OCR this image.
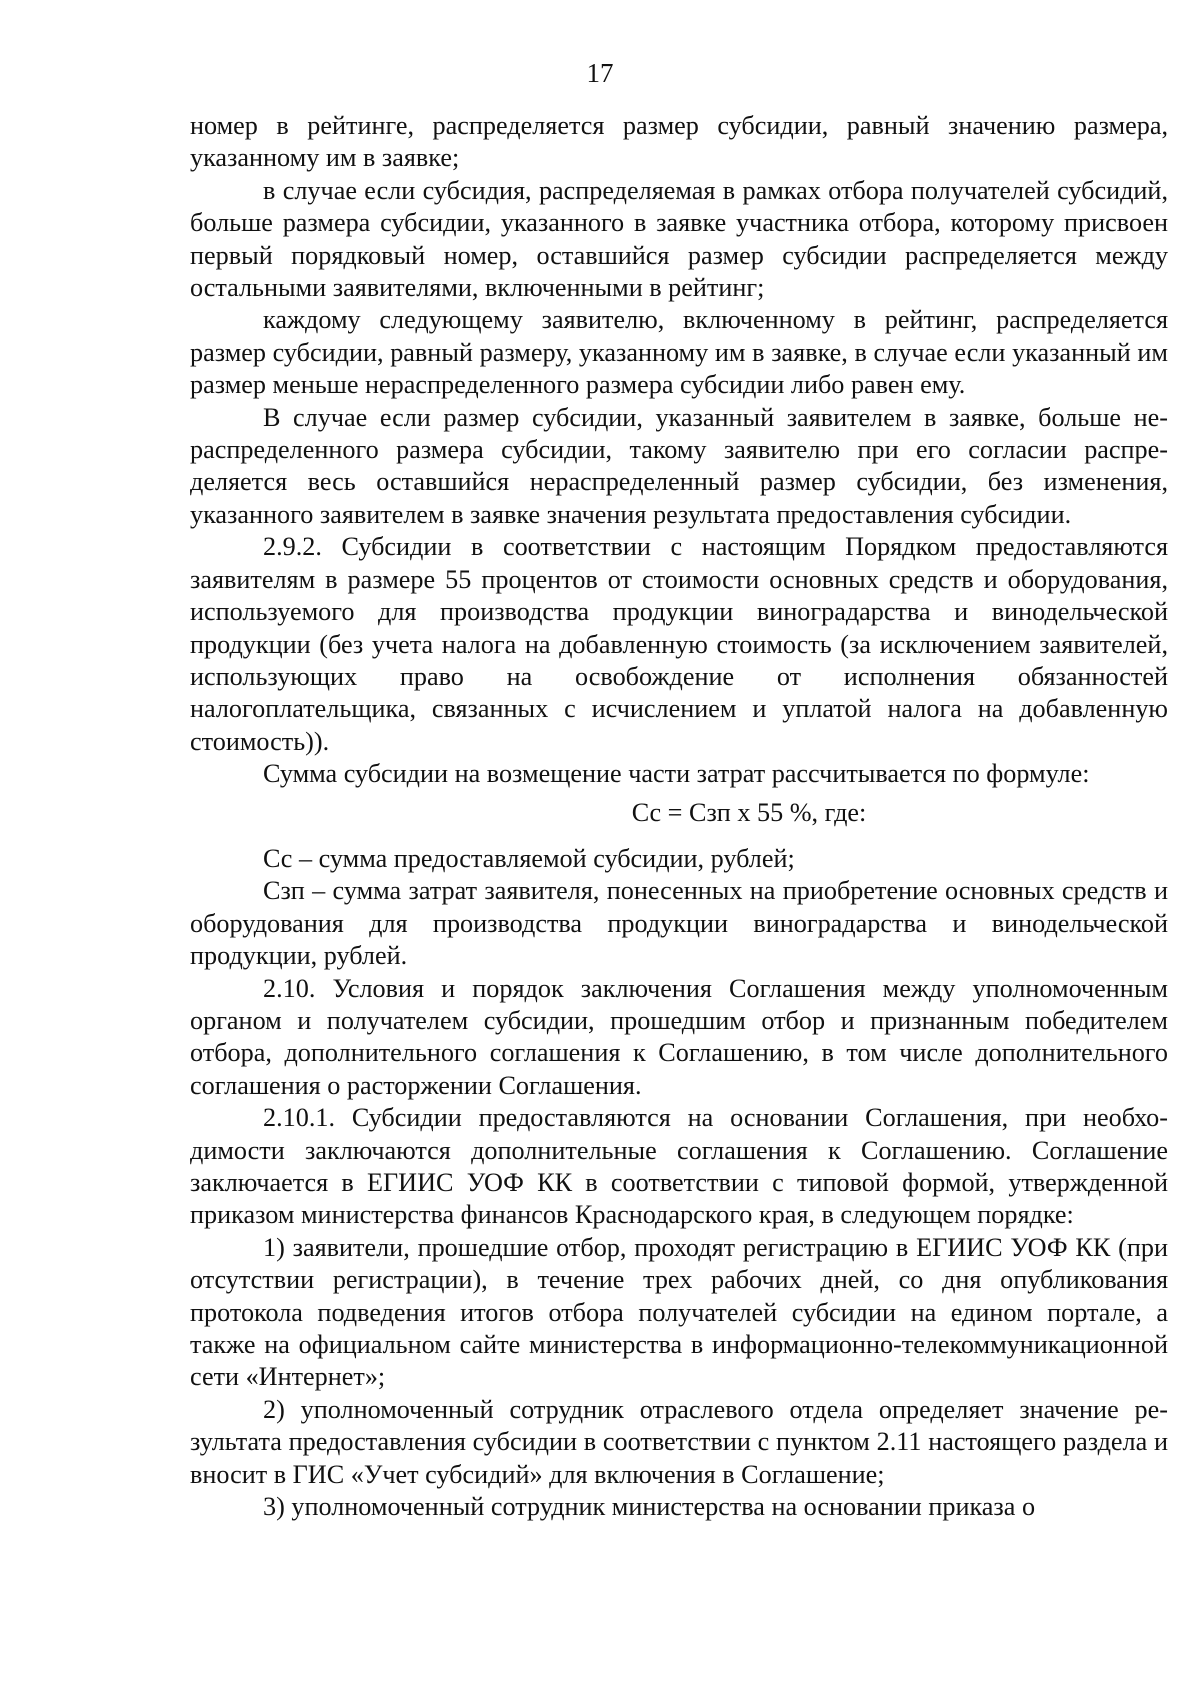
17

номер в рейтинге, распределяется размер субсидии, равный значению размера, указанному им в заявке;

в случае если субсидия, распределяемая в рамках отбора получателей субсидий, больше размера субсидии, указанного в заявке участника отбора, которому присвоен первый порядковый номер, оставшийся размер субсидии распределяется между остальными заявителями, включенными в рейтинг;

каждому следующему заявителю, включенному в рейтинг, распределяется размер субсидии, равный размеру, указанному им в заявке, в случае если указанный им размер меньше нераспределенного размера субсидии либо равен ему.

В случае если размер субсидии, указанный заявителем в заявке, больше нераспределенного размера субсидии, такому заявителю при его согласии распределяется весь оставшийся нераспределенный размер субсидии, без изменения, указанного заявителем в заявке значения результата предоставления субсидии.

2.9.2. Субсидии в соответствии с настоящим Порядком предоставляются заявителям в размере 55 процентов от стоимости основных средств и оборудования, используемого для производства продукции виноградарства и винодельческой продукции (без учета налога на добавленную стоимость (за исключением заявителей, использующих право на освобождение от исполнения обязанностей налогоплательщика, связанных с исчислением и уплатой налога на добавленную стоимость)).

Сумма субсидии на возмещение части затрат рассчитывается по формуле:

Сс = Сзп х 55 %, где:

Сс – сумма предоставляемой субсидии, рублей;

Сзп – сумма затрат заявителя, понесенных на приобретение основных средств и оборудования для производства продукции виноградарства и винодельческой продукции, рублей.

2.10. Условия и порядок заключения Соглашения между уполномоченным органом и получателем субсидии, прошедшим отбор и признанным победителем отбора, дополнительного соглашения к Соглашению, в том числе дополнительного соглашения о расторжении Соглашения.

2.10.1. Субсидии предоставляются на основании Соглашения, при необходимости заключаются дополнительные соглашения к Соглашению. Соглашение заключается в ЕГИИС УОФ КК в соответствии с типовой формой, утвержденной приказом министерства финансов Краснодарского края, в следующем порядке:

1) заявители, прошедшие отбор, проходят регистрацию в ЕГИИС УОФ КК (при отсутствии регистрации), в течение трех рабочих дней, со дня опубликования протокола подведения итогов отбора получателей субсидии на едином портале, а также на официальном сайте министерства в информационно-телекоммуникационной сети «Интернет»;

2) уполномоченный сотрудник отраслевого отдела определяет значение результата предоставления субсидии в соответствии с пунктом 2.11 настоящего раздела и вносит в ГИС «Учет субсидий» для включения в Соглашение;

3) уполномоченный сотрудник министерства на основании приказа о
